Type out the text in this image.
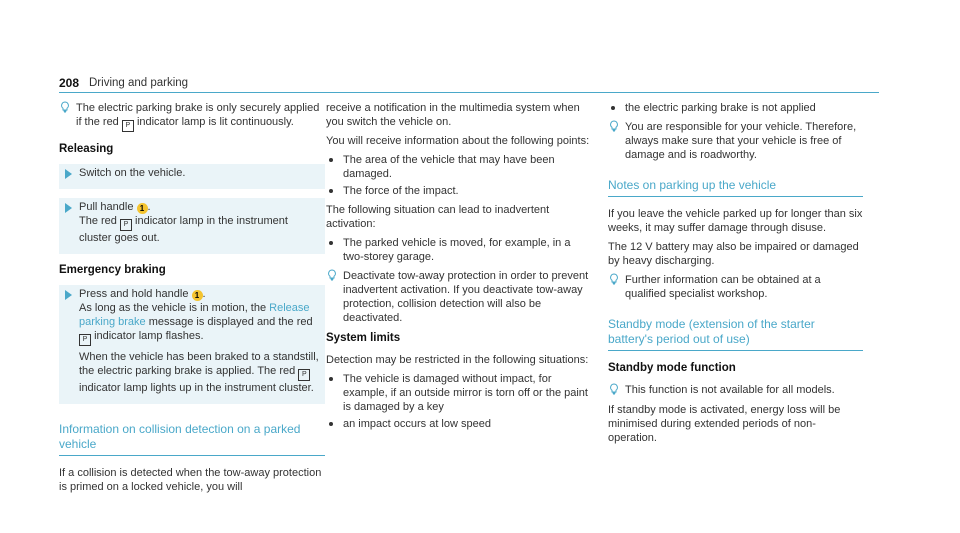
208 Driving and parking
The electric parking brake is only securely applied if the red P indicator lamp is lit continuously.
Releasing

Switch on the vehicle.

Pull handle 1 .
The red P indicator lamp in the instrument cluster goes out.

Emergency braking

Press and hold handle 1 .
As long as the vehicle is in motion, the Release parking brake message is displayed and the red P indicator lamp flashes.

When the vehicle has been braked to a standstill, the electric parking brake is applied. The red P indicator lamp lights up in the instrument cluster.

Information on collision detection on a parked vehicle

If a collision is detected when the tow-away protection is primed on a locked vehicle, you will

receive a notification in the multimedia system when you switch the vehicle on.

You will receive information about the following points:

The area of the vehicle that may have been damaged.
The force of the impact.

The following situation can lead to inadvertent activation:

The parked vehicle is moved, for example, in a two-storey garage.
Deactivate tow-away protection in order to prevent inadvertent activation. If you deactivate tow-away protection, collision detection will also be deactivated.
System limits

Detection may be restricted in the following situations:

The vehicle is damaged without impact, for example, if an outside mirror is torn off or the paint is damaged by a key
an impact occurs at low speed
the electric parking brake is not applied
You are responsible for your vehicle. Therefore, always make sure that your vehicle is free of damage and is roadworthy.
Notes on parking up the vehicle

If you leave the vehicle parked up for longer than six weeks, it may suffer damage through disuse.

The 12 V battery may also be impaired or damaged by heavy discharging.

Further information can be obtained at a qualified specialist workshop.
Standby mode (extension of the starter battery's period out of use)
Standby mode function
This function is not available for all models.

If standby mode is activated, energy loss will be minimised during extended periods of non-operation.
